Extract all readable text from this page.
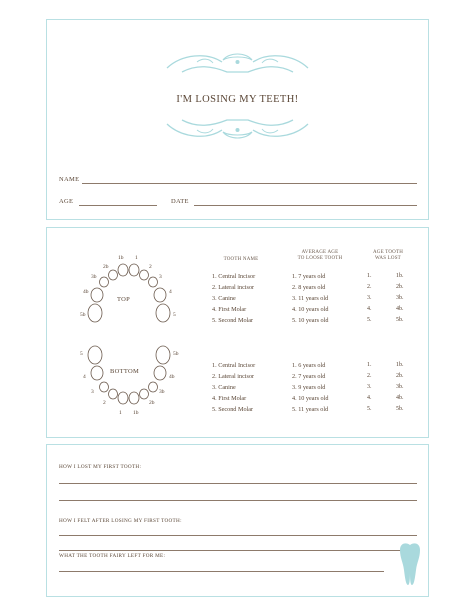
I'M LOSING MY TEETH!
NAME
AGE	DATE
1b 1
2b	2
3b	3
4b	4
5b	5
5	5b
4	4b
3	3b
2	2b
1 1b
TOP
BOTTOM
TOOTH NAME
AVERAGE AGE
TO LOOSE TOOTH
AGE TOOTH
WAS LOST
1. Central Incisor	1. 7 years old	1.	1b.
2. Lateral incisor	2. 8 years old	2.	2b.
3. Canine	3. 11 years old	3.	3b.
4. First Molar	4. 10 years old	4.	4b.
5. Second Molar	5. 10 years old	5.	5b.
1. Central Incisor	1. 6 years old	1.	1b.
2. Lateral incisor	2. 7 years old	2.	2b.
3. Canine	3. 9 years old	3.	3b.
4. First Molar	4. 10 years old	4.	4b.
5. Second Molar	5. 11 years old	5.	5b.
HOW I LOST MY FIRST TOOTH:
HOW I FELT AFTER LOSING MY FIRST TOOTH:
WHAT THE TOOTH FAIRY LEFT FOR ME:
